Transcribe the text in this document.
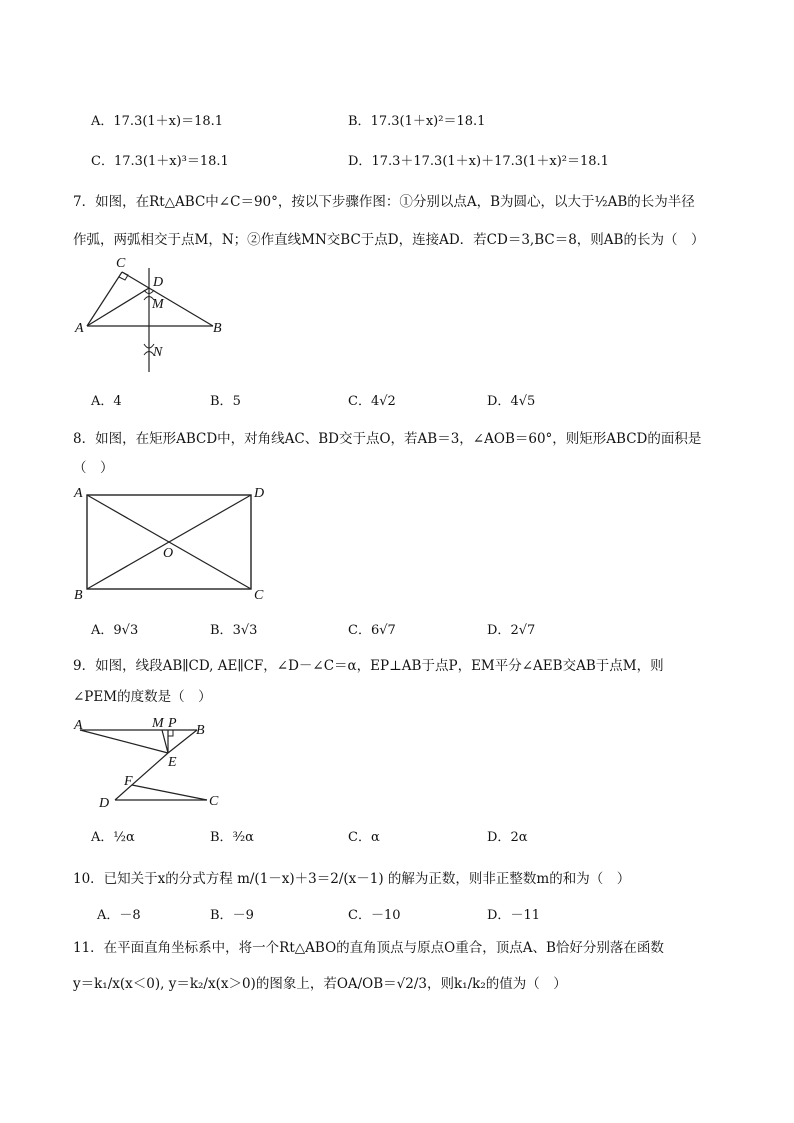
A．17.3(1＋x)＝18.1	B．17.3(1＋x)²＝18.1
C．17.3(1＋x)³＝18.1	D．17.3＋17.3(1＋x)＋17.3(1＋x)²＝18.1
7．如图，在Rt△ABC中∠C＝90°，按以下步骤作图：①分别以点A，B为圆心，以大于½AB的长为半径
作弧，两弧相交于点M，N；②作直线MN交BC于点D，连接AD．若CD＝3,BC＝8，则AB的长为（　）
C
D
M
A	B
N
A．4	B．5	C．4√2	D．4√5
8．如图，在矩形ABCD中，对角线AC、BD交于点O，若AB＝3，∠AOB＝60°，则矩形ABCD的面积是
（　）
A	D
O
B	C
A．9√3	B．3√3	C．6√7	D．2√7
9．如图，线段AB∥CD, AE∥CF，∠D－∠C＝α，EP⊥AB于点P，EM平分∠AEB交AB于点M，则
∠PEM的度数是（　）
A	M P B
E
F
D	C
A．½α	B．³⁄₂α	C．α	D．2α
10．已知关于x的分式方程 m/(1－x)＋3＝2/(x－1) 的解为正数，则非正整数m的和为（　）
A．－8	B．－9	C．－10	D．－11
11．在平面直角坐标系中，将一个Rt△ABO的直角顶点与原点O重合，顶点A、B恰好分别落在函数
y＝k₁/x(x＜0), y＝k₂/x(x＞0)的图象上，若OA/OB＝√2/3，则k₁/k₂的值为（　）
